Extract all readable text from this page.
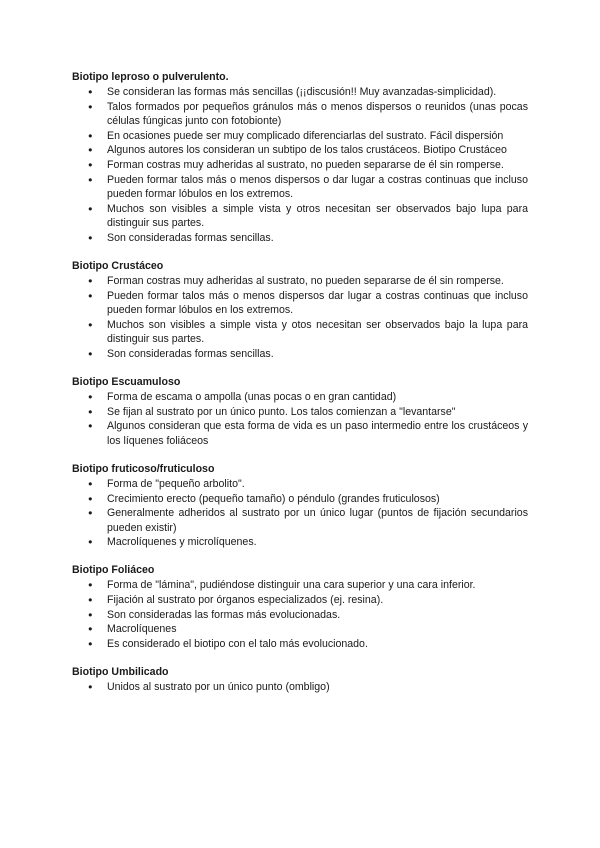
Biotipo leproso o pulverulento.

● Se consideran las formas más sencillas (¡¡discusión!! Muy avanzadas-simplicidad).
● Talos formados por pequeños gránulos más o menos dispersos o reunidos (unas pocas células fúngicas junto con fotobionte)
● En ocasiones puede ser muy complicado diferenciarlas del sustrato. Fácil dispersión
● Algunos autores los consideran un subtipo de los talos crustáceos. Biotipo Crustáceo
● Forman costras muy adheridas al sustrato, no pueden separarse de él sin romperse.
● Pueden formar talos más o menos dispersos o dar lugar a costras continuas que incluso pueden formar lóbulos en los extremos.
● Muchos son visibles a simple vista y otros necesitan ser observados bajo lupa para distinguir sus partes.
● Son consideradas formas sencillas.

Biotipo Crustáceo

● Forman costras muy adheridas al sustrato, no pueden separarse de él sin romperse.
● Pueden formar talos más o menos dispersos dar lugar a costras continuas que incluso pueden formar lóbulos en los extremos.
● Muchos son visibles a simple vista y otos necesitan ser observados bajo la lupa para distinguir sus partes.
● Son consideradas formas sencillas.

Biotipo Escuamuloso

● Forma de escama o ampolla (unas pocas o en gran cantidad)
● Se fijan al sustrato por un único punto. Los talos comienzan a "levantarse"
● Algunos consideran que esta forma de vida es un paso intermedio entre los crustáceos y los líquenes foliáceos

Biotipo fruticoso/fruticuloso

● Forma de "pequeño arbolito".
● Crecimiento erecto (pequeño tamaño) o péndulo (grandes fruticulosos)
● Generalmente adheridos al sustrato por un único lugar (puntos de fijación secundarios pueden existir)
● Macrolíquenes y microlíquenes.

Biotipo Foliáceo

● Forma de "lámina", pudiéndose distinguir una cara superior y una cara inferior.
● Fijación al sustrato por órganos especializados (ej. resina).
● Son consideradas las formas más evolucionadas.
● Macrolíquenes
● Es considerado el biotipo con el talo más evolucionado.

Biotipo Umbilicado

● Unidos al sustrato por un único punto (ombligo)
